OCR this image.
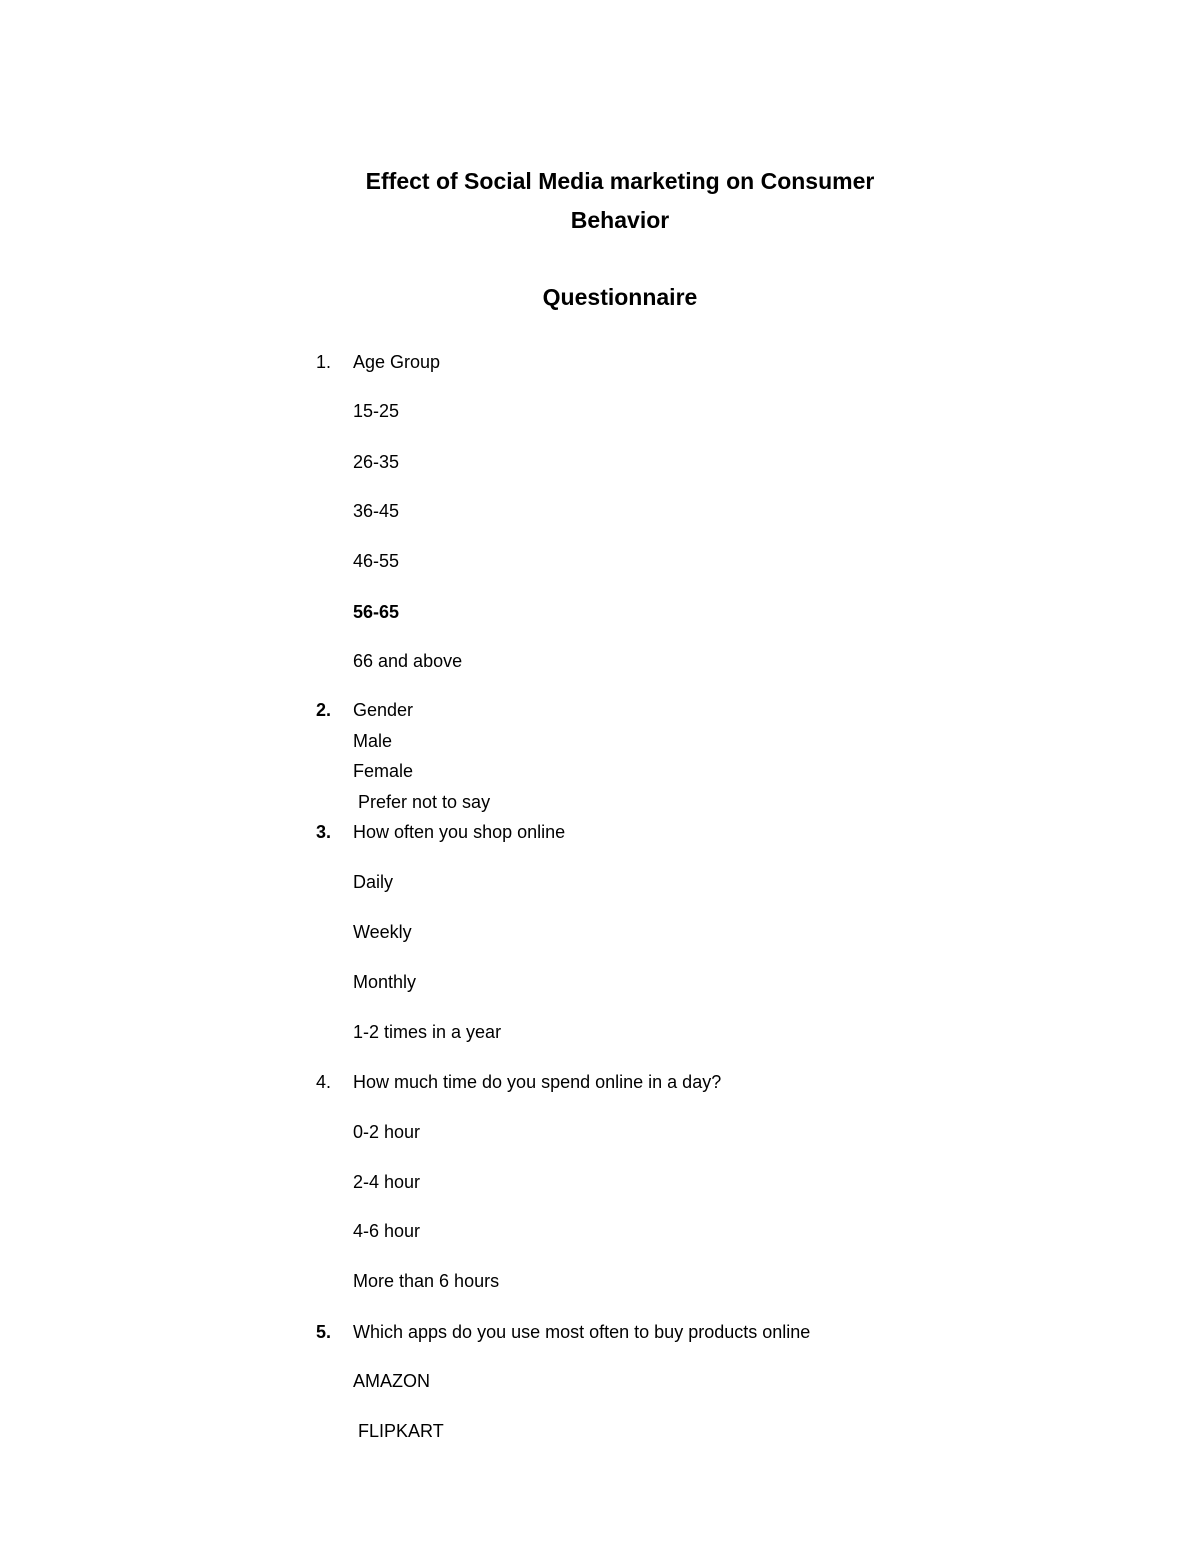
Effect of Social Media marketing on Consumer
Behavior
Questionnaire
1. Age Group
15-25
26-35
36-45
46-55
56-65
66 and above
2. Gender
Male
Female
Prefer not to say
3. How often you shop online
Daily
Weekly
Monthly
1-2 times in a year
4. How much time do you spend online in a day?
0-2 hour
2-4 hour
4-6 hour
More than 6 hours
5. Which apps do you use most often to buy products online
AMAZON
FLIPKART
